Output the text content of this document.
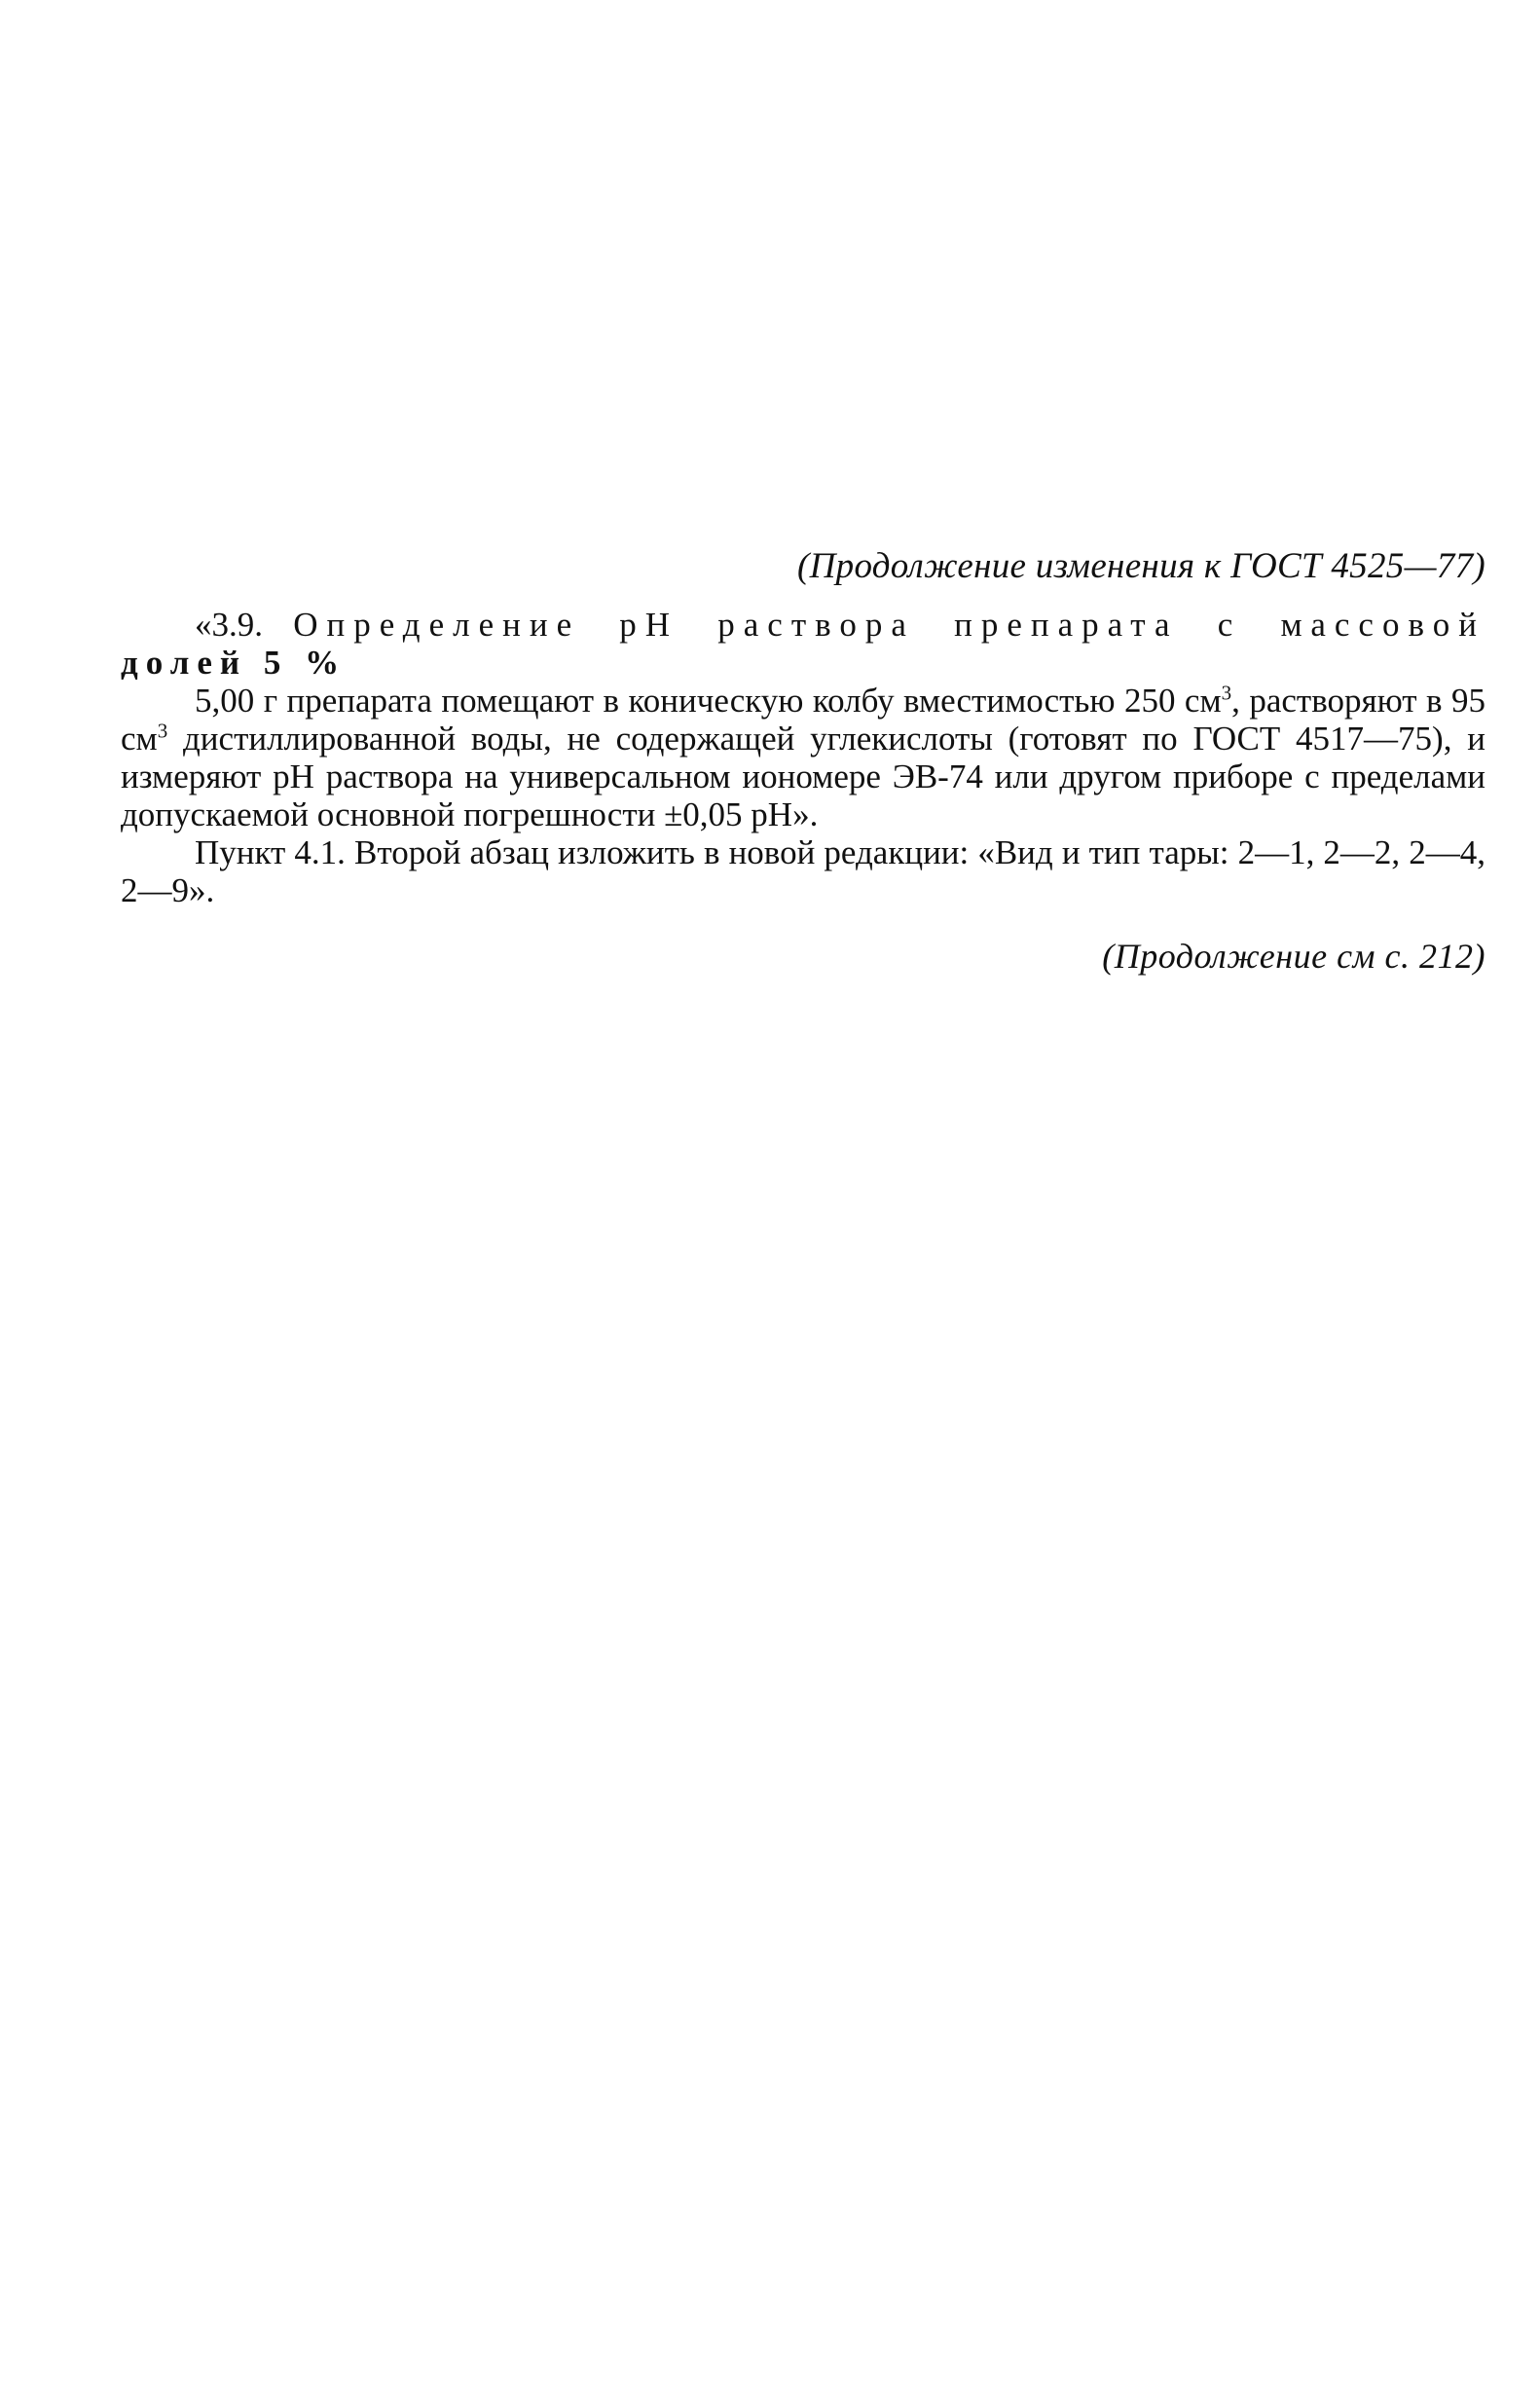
(Продолжение изменения к ГОСТ 4525—77)

«3.9. Определение pH раствора препарата с массовой

долей 5 %

5,00 г препарата помещают в коническую колбу вместимостью 250 $см^3$, растворяют в 95 $см^3$ дистиллированной воды, не содержащей углекислоты (готовят по ГОСТ 4517—75), и измеряют pH раствора на универсальном иономере ЭВ-74 или другом приборе с пределами допускаемой основной погрешности ±0,05 pH».

Пункт 4.1. Второй абзац изложить в новой редакции: «Вид и тип тары: 2—1, 2—2, 2—4, 2—9».

(Продолжение см с. 212)
